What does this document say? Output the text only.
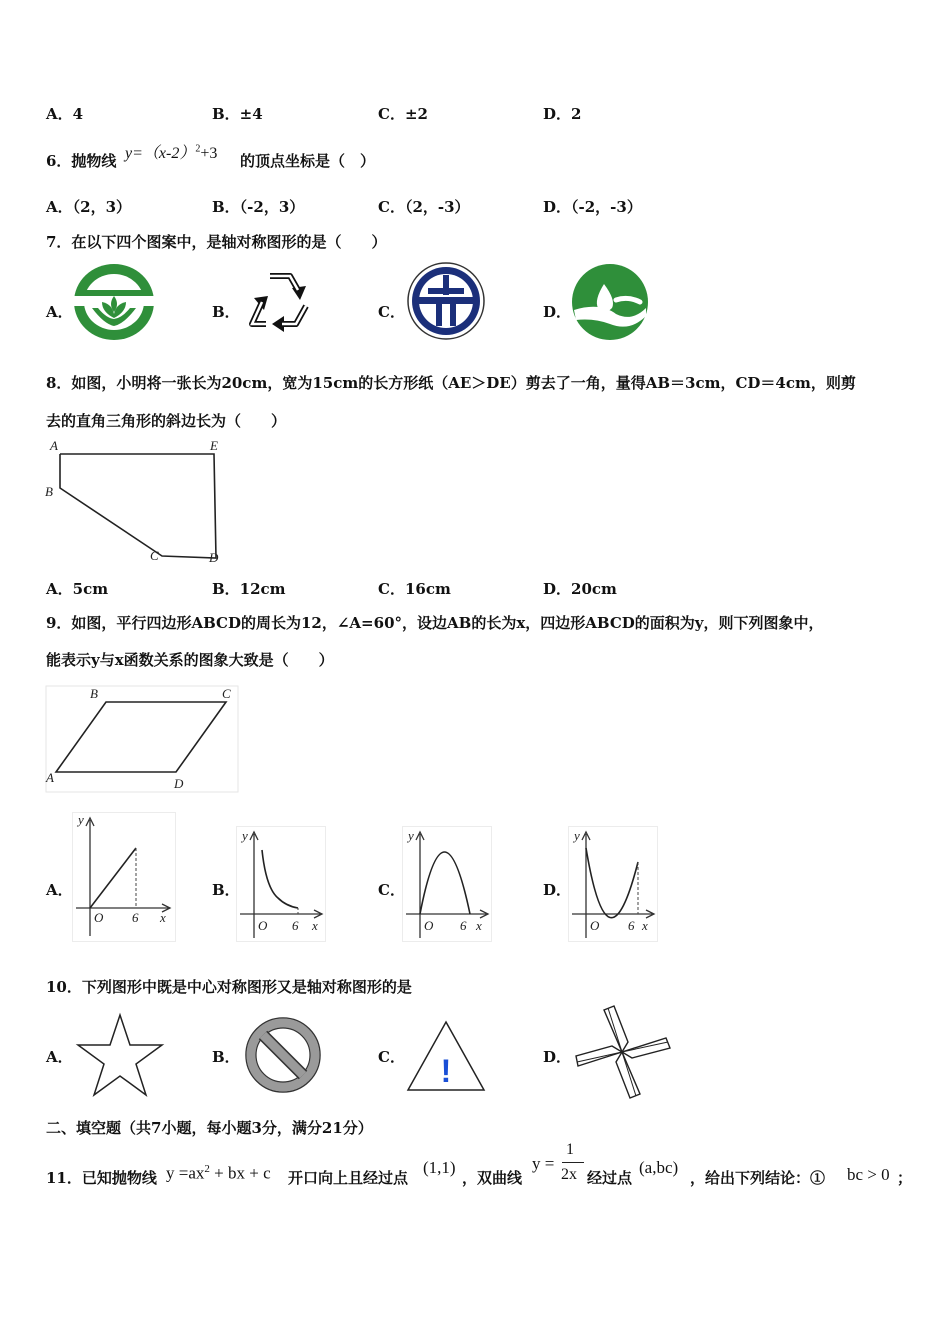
A．4	B．±4	C．±2	D．2
6．抛物线 $y=(x-2)^2+3$ 的顶点坐标是（　）
A．（2，3）	B．（-2，3）	C．（2，-3）	D．（-2，-3）
7．在以下四个图案中，是轴对称图形的是（　　）
A．	B．	C．	D．
8．如图，小明将一张长为20cm，宽为15cm的长方形纸（AE＞DE）剪去了一角，量得AB＝3cm，CD＝4cm，则剪
去的直角三角形的斜边长为（　　）
A	E
B
C	D
A．5cm	B．12cm	C．16cm	D．20cm
9．如图，平行四边形ABCD的周长为12，∠A=60°，设边AB的长为x，四边形ABCD的面积为y，则下列图象中，
能表示y与x函数关系的图象大致是（　　）
B	C
A	D
A．	B．	C．	D．
y
O 6 x
y
O 6 x
y
O 6 x
y
O 6 x
10．下列图形中既是中心对称图形又是轴对称图形的是
A．	B．	C．	D．
!
二、填空题（共7小题，每小题3分，满分21分）
11．已知抛物线 $y =ax^2$ + bx + c 开口向上且经过点
(1,1)
，双曲线
y =
1
2x 经过点
(a,bc)
，给出下列结论：① bc > 0 ；
